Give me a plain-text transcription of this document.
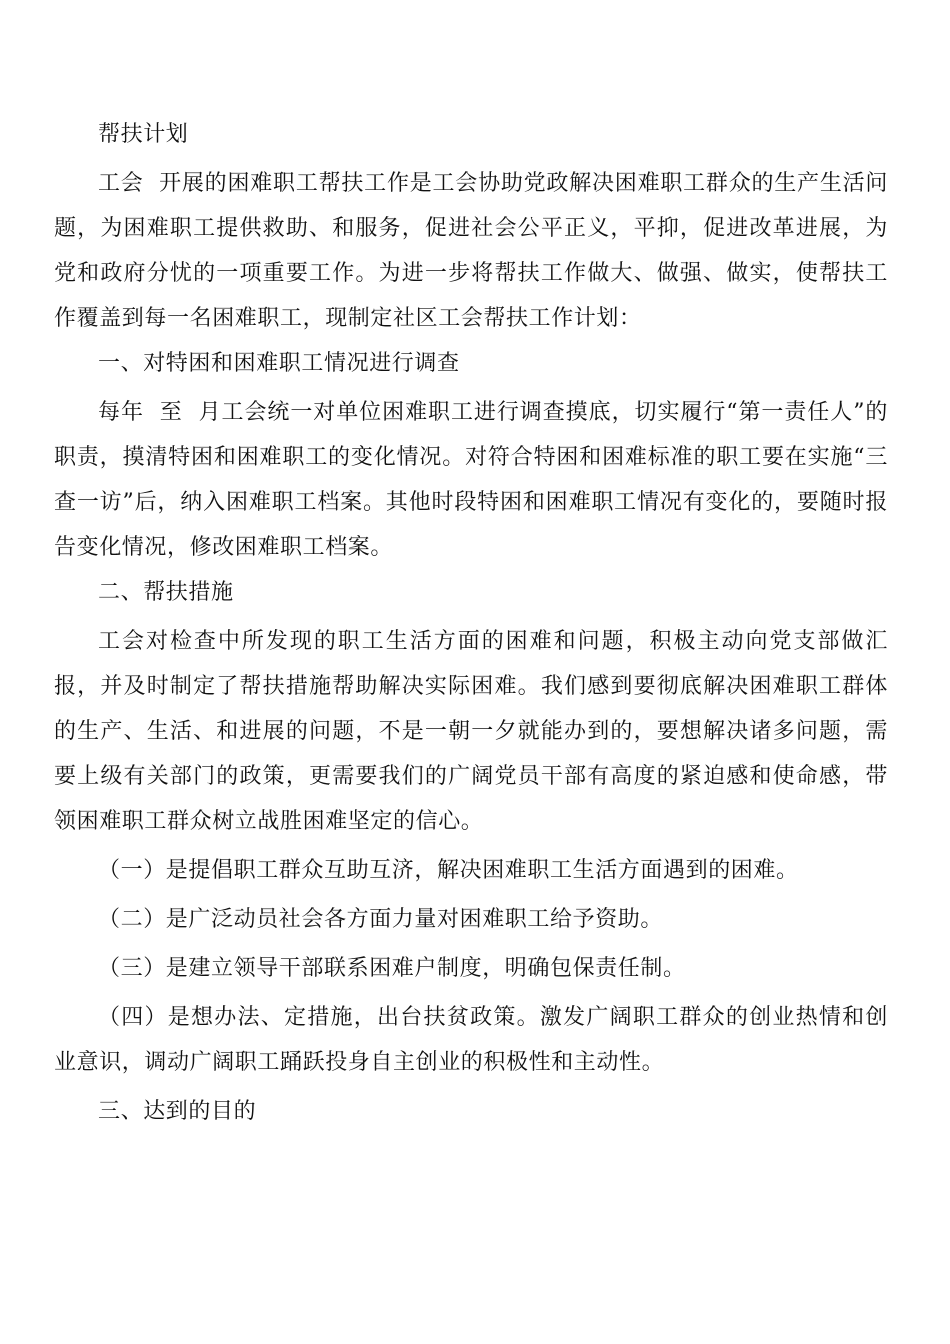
帮扶计划

工会  开展的困难职工帮扶工作是工会协助党政解决困难职工群众的生产生活问题，为困难职工提供救助、和服务，促进社会公平正义，平抑，促进改革进展，为党和政府分忧的一项重要工作。为进一步将帮扶工作做大、做强、做实，使帮扶工作覆盖到每一名困难职工，现制定社区工会帮扶工作计划：

一、对特困和困难职工情况进行调查

每年  至  月工会统一对单位困难职工进行调查摸底，切实履行“第一责任人”的职责，摸清特困和困难职工的变化情况。对符合特困和困难标准的职工要在实施“三查一访”后，纳入困难职工档案。其他时段特困和困难职工情况有变化的，要随时报告变化情况，修改困难职工档案。

二、帮扶措施

工会对检查中所发现的职工生活方面的困难和问题，积极主动向党支部做汇报，并及时制定了帮扶措施帮助解决实际困难。我们感到要彻底解决困难职工群体的生产、生活、和进展的问题，不是一朝一夕就能办到的，要想解决诸多问题，需要上级有关部门的政策，更需要我们的广阔党员干部有高度的紧迫感和使命感，带领困难职工群众树立战胜困难坚定的信心。

（一）是提倡职工群众互助互济，解决困难职工生活方面遇到的困难。

（二）是广泛动员社会各方面力量对困难职工给予资助。

（三）是建立领导干部联系困难户制度，明确包保责任制。

（四）是想办法、定措施，出台扶贫政策。激发广阔职工群众的创业热情和创业意识，调动广阔职工踊跃投身自主创业的积极性和主动性。

三、达到的目的
